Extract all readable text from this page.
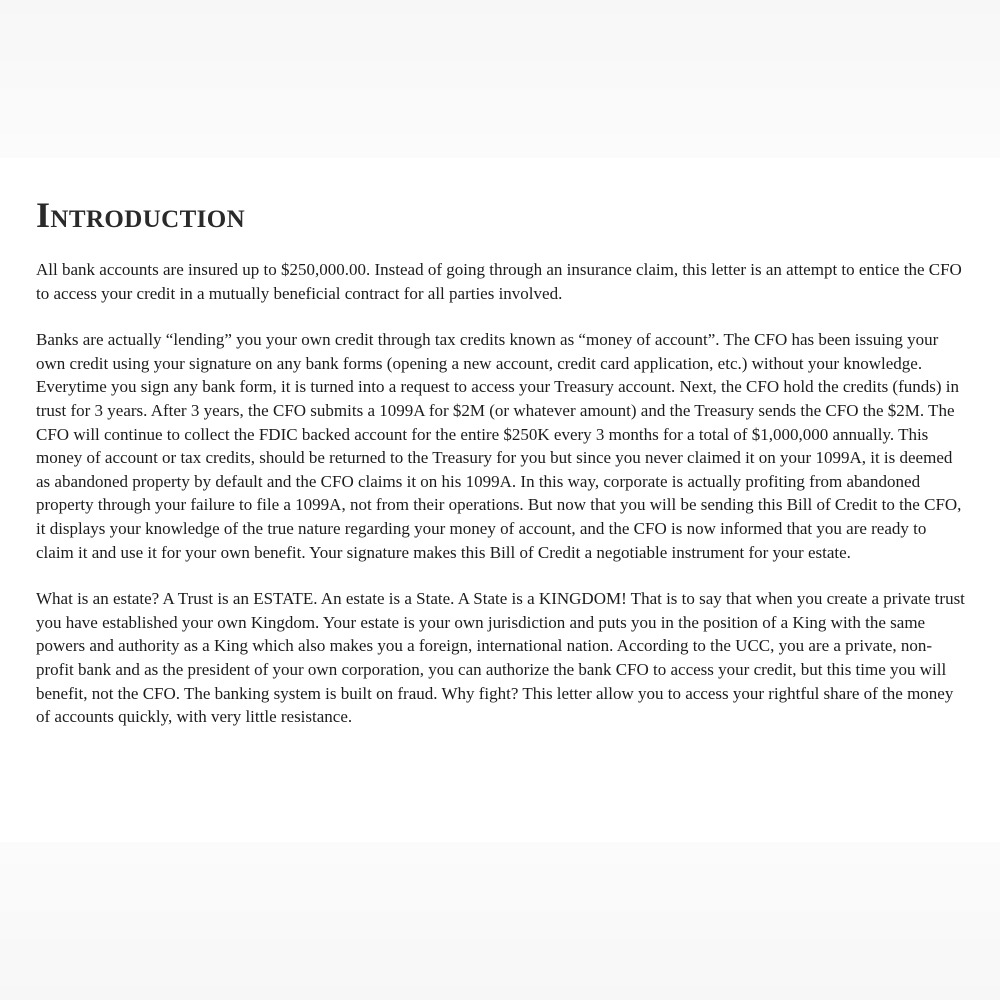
Introduction

All bank accounts are insured up to $250,000.00. Instead of going through an insurance claim, this letter is an attempt to entice the CFO to access your credit in a mutually beneficial contract for all parties involved.

Banks are actually “lending” you your own credit through tax credits known as “money of account”. The CFO has been issuing your own credit using your signature on any bank forms (opening a new account, credit card application, etc.) without your knowledge. Everytime you sign any bank form, it is turned into a request to access your Treasury account. Next, the CFO hold the credits (funds) in trust for 3 years. After 3 years, the CFO submits a 1099A for $2M (or whatever amount) and the Treasury sends the CFO the $2M. The CFO will continue to collect the FDIC backed account for the entire $250K every 3 months for a total of $1,000,000 annually. This money of account or tax credits, should be returned to the Treasury for you but since you never claimed it on your 1099A, it is deemed as abandoned property by default and the CFO claims it on his 1099A. In this way, corporate is actually profiting from abandoned property through your failure to file a 1099A, not from their operations. But now that you will be sending this Bill of Credit to the CFO, it displays your knowledge of the true nature regarding your money of account, and the CFO is now informed that you are ready to claim it and use it for your own benefit. Your signature makes this Bill of Credit a negotiable instrument for your estate.

What is an estate? A Trust is an ESTATE. An estate is a State. A State is a KINGDOM! That is to say that when you create a private trust you have established your own Kingdom. Your estate is your own jurisdiction and puts you in the position of a King with the same powers and authority as a King which also makes you a foreign, international nation. According to the UCC, you are a private, non-profit bank and as the president of your own corporation, you can authorize the bank CFO to access your credit, but this time you will benefit, not the CFO. The banking system is built on fraud. Why fight? This letter allow you to access your rightful share of the money of accounts quickly, with very little resistance.
